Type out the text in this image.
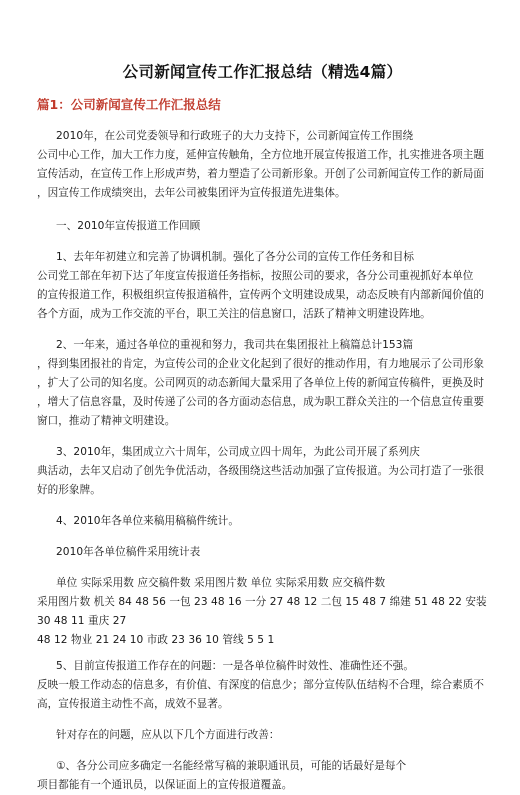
公司新闻宣传工作汇报总结（精选4篇）
篇1：公司新闻宣传工作汇报总结

2010年，在公司党委领导和行政班子的大力支持下，公司新闻宣传工作围绕
公司中心工作，加大工作力度，延伸宣传触角，全方位地开展宣传报道工作，扎实推进各项主题
宣传活动，在宣传工作上形成声势，着力塑造了公司新形象。开创了公司新闻宣传工作的新局面
，因宣传工作成绩突出，去年公司被集团评为宣传报道先进集体。

一、2010年宣传报道工作回顾

1、去年年初建立和完善了协调机制。强化了各分公司的宣传工作任务和目标
公司党工部在年初下达了年度宣传报道任务指标，按照公司的要求，各分公司重视抓好本单位
的宣传报道工作，积极组织宣传报道稿件，宣传两个文明建设成果，动态反映有内部新闻价值的
各个方面，成为工作交流的平台，职工关注的信息窗口，活跃了精神文明建设阵地。

2、一年来，通过各单位的重视和努力，我司共在集团报社上稿篇总计153篇
，得到集团报社的肯定，为宣传公司的企业文化起到了很好的推动作用，有力地展示了公司形象
，扩大了公司的知名度。公司网页的动态新闻大量采用了各单位上传的新闻宣传稿件，更换及时
，增大了信息容量，及时传递了公司的各方面动态信息，成为职工群众关注的一个信息宣传重要
窗口，推动了精神文明建设。

3、2010年，集团成立六十周年，公司成立四十周年，为此公司开展了系列庆
典活动，去年又启动了创先争优活动，各级围绕这些活动加强了宣传报道。为公司打造了一张很
好的形象牌。

4、2010年各单位来稿用稿稿件统计。

2010年各单位稿件采用统计表

单位 实际采用数 应交稿件数 采用图片数 单位 实际采用数 应交稿件数
采用图片数 机关 84 48 56 一包 23 48 16 一分 27 48 12 二包 15 48 7 绵建 51 48 22 安装 30 48 11 重庆 27
48 12 物业 21 24 10 市政 23 36 10 管线 5 5 1

5、目前宣传报道工作存在的问题：一是各单位稿件时效性、准确性还不强。
反映一般工作动态的信息多，有价值、有深度的信息少；部分宣传队伍结构不合理，综合素质不
高，宣传报道主动性不高，成效不显著。

针对存在的问题，应从以下几个方面进行改善：

①、各分公司应多确定一名能经常写稿的兼职通讯员，可能的话最好是每个
项目都能有一个通讯员，以保证面上的宣传报道覆盖。
